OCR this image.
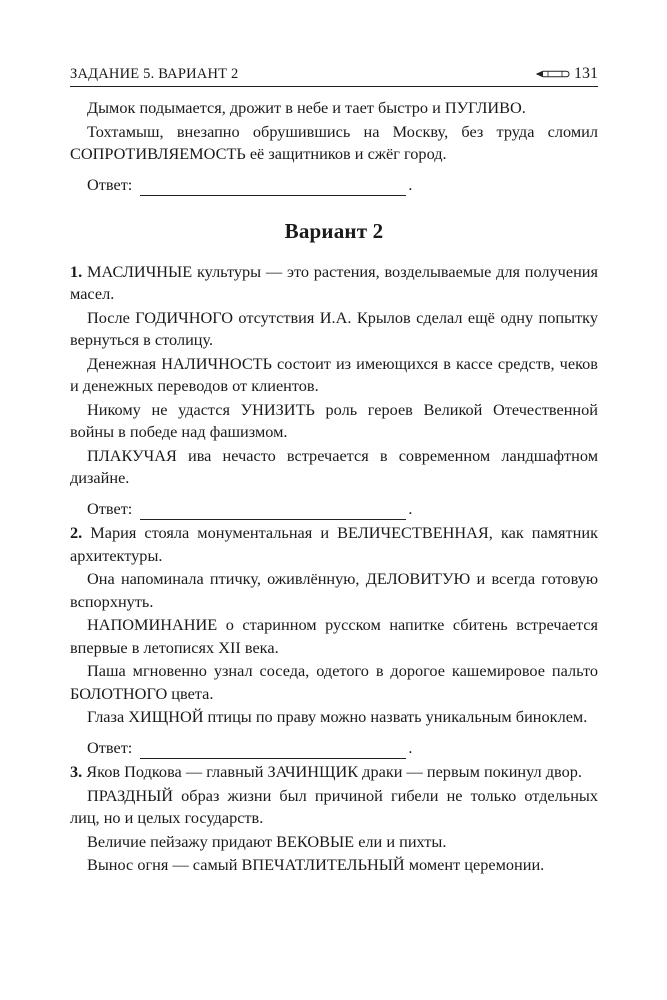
ЗАДАНИЕ 5. ВАРИАНТ 2	131

Дымок подымается, дрожит в небе и тает быстро и ПУГЛИВО.

Тохтамыш, внезапно обрушившись на Москву, без труда сломил СОПРОТИВЛЯЕМОСТЬ её защитников и сжёг город.

Ответ:	.
Вариант 2

1. МАСЛИЧНЫЕ культуры — это растения, возделываемые для получения масел.

После ГОДИЧНОГО отсутствия И.А. Крылов сделал ещё одну попытку вернуться в столицу.

Денежная НАЛИЧНОСТЬ состоит из имеющихся в кассе средств, чеков и денежных переводов от клиентов.

Никому не удастся УНИЗИТЬ роль героев Великой Отечественной войны в победе над фашизмом.

ПЛАКУЧАЯ ива нечасто встречается в современном ландшафтном дизайне.

Ответ:	.

2. Мария стояла монументальная и ВЕЛИЧЕСТВЕННАЯ, как памятник архитектуры.

Она напоминала птичку, оживлённую, ДЕЛОВИТУЮ и всегда готовую вспорхнуть.

НАПОМИНАНИЕ о старинном русском напитке сбитень встречается впервые в летописях XII века.

Паша мгновенно узнал соседа, одетого в дорогое кашемировое пальто БОЛОТНОГО цвета.

Глаза ХИЩНОЙ птицы по праву можно назвать уникальным биноклем.

Ответ:	.

3. Яков Подкова — главный ЗАЧИНЩИК драки — первым покинул двор.

ПРАЗДНЫЙ образ жизни был причиной гибели не только отдельных лиц, но и целых государств.

Величие пейзажу придают ВЕКОВЫЕ ели и пихты.

Вынос огня — самый ВПЕЧАТЛИТЕЛЬНЫЙ момент церемонии.
